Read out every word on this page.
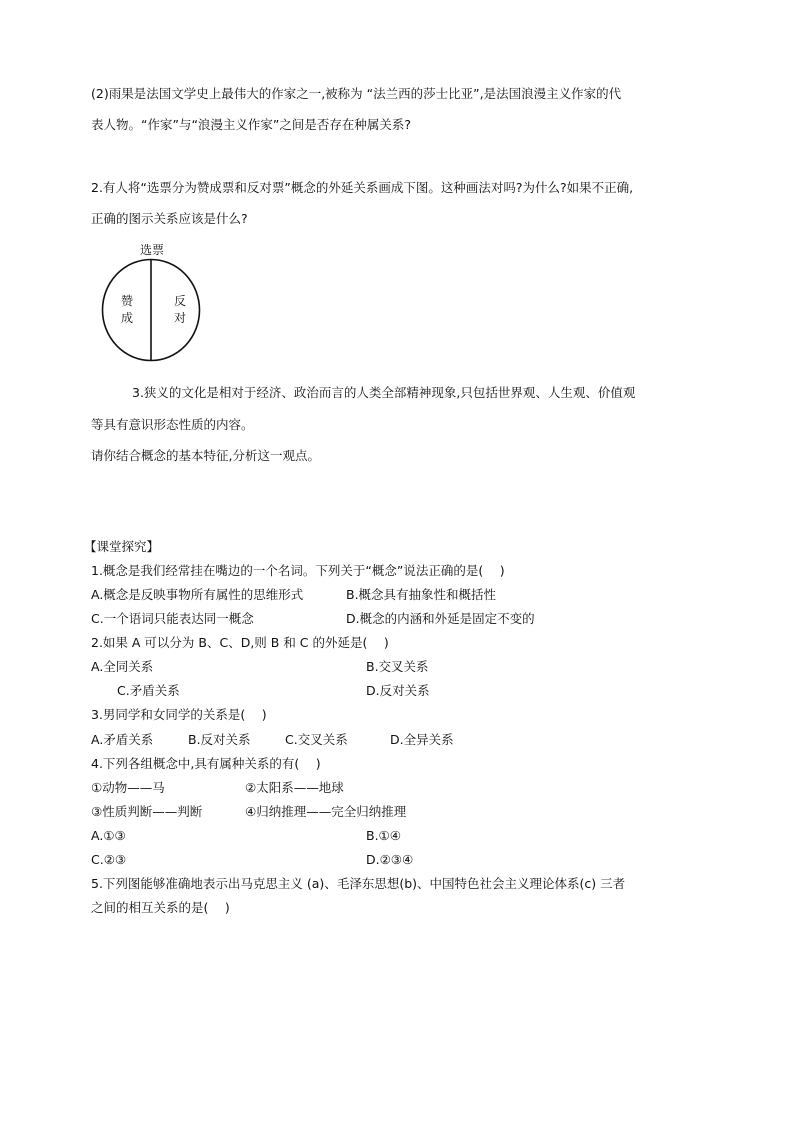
(2)雨果是法国文学史上最伟大的作家之一,被称为 “法兰西的莎士比亚”,是法国浪漫主义作家的代
表人物。“作家”与“浪漫主义作家”之间是否存在种属关系?
2.有人将“选票分为赞成票和反对票”概念的外延关系画成下图。这种画法对吗?为什么?如果不正确,
正确的图示关系应该是什么?
选票
赞
成
反
对
3.狭义的文化是相对于经济、政治而言的人类全部精神现象,只包括世界观、人生观、价值观
等具有意识形态性质的内容。
请你结合概念的基本特征,分析这一观点。
【课堂探究】
1.概念是我们经常挂在嘴边的一个名词。下列关于“概念”说法正确的是(　 )
A.概念是反映事物所有属性的思维形式	B.概念具有抽象性和概括性
C.一个语词只能表达同一概念	D.概念的内涵和外延是固定不变的
2.如果 A 可以分为 B、C、D,则 B 和 C 的外延是(　 )
A.全同关系	B.交叉关系
C.矛盾关系	D.反对关系
3.男同学和女同学的关系是(　 )
A.矛盾关系	B.反对关系	C.交叉关系	D.全异关系
4.下列各组概念中,具有属种关系的有(　 )
①动物——马	②太阳系——地球
③性质判断——判断	④归纳推理——完全归纳推理
A.①③	B.①④
C.②③	D.②③④
5.下列图能够准确地表示出马克思主义 (a)、毛泽东思想(b)、中国特色社会主义理论体系(c) 三者
之间的相互关系的是(　 )
